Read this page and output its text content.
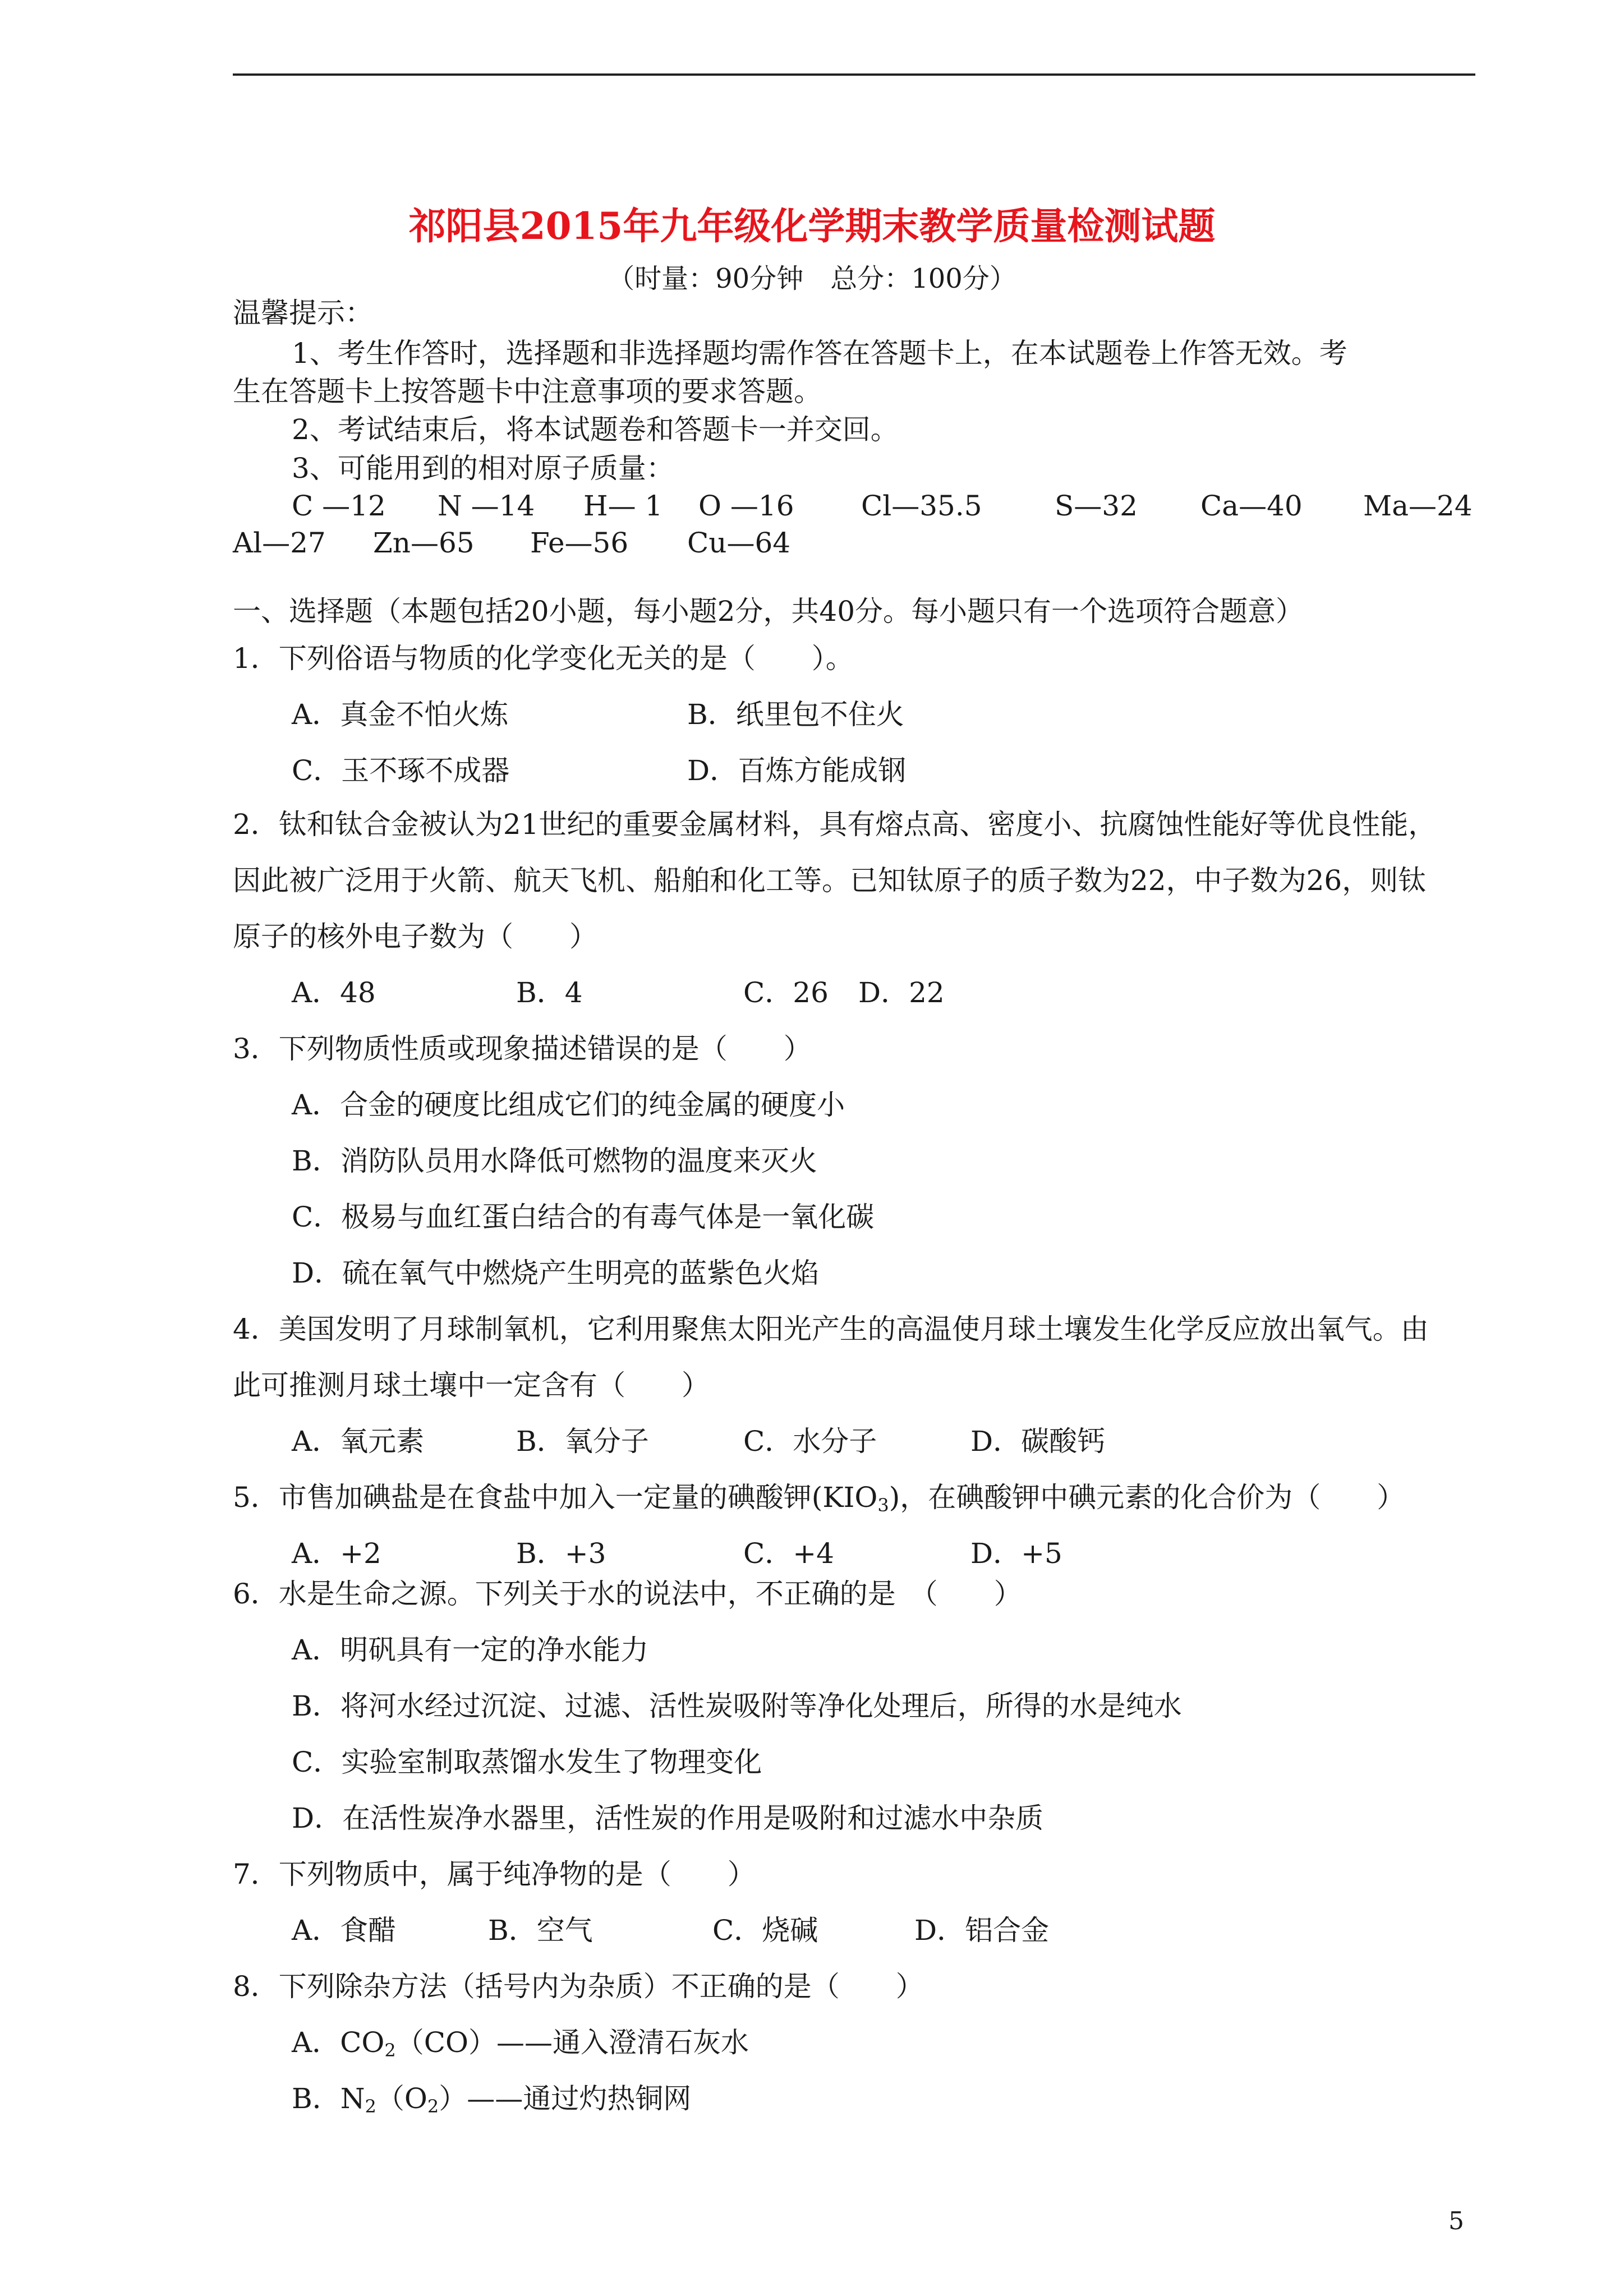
祁阳县2015年九年级化学期末教学质量检测试题
（时量：90分钟　总分：100分）
温馨提示：
1、考生作答时，选择题和非选择题均需作答在答题卡上，在本试题卷上作答无效。考
生在答题卡上按答题卡中注意事项的要求答题。
2、考试结束后，将本试题卷和答题卡一并交回。
3、可能用到的相对原子质量：
C —12 N —14 H— 1 O —16 Cl—35.5	S—32 Ca—40 Ma—24
Al—27 Zn—65 Fe—56 Cu—64
一、选择题（本题包括20小题，每小题2分，共40分。每小题只有一个选项符合题意）
1．下列俗语与物质的化学变化无关的是（　　）。
A．真金不怕火炼	B．纸里包不住火
C．玉不琢不成器	D．百炼方能成钢
2．钛和钛合金被认为21世纪的重要金属材料，具有熔点高、密度小、抗腐蚀性能好等优良性能，
因此被广泛用于火箭、航天飞机、船舶和化工等。已知钛原子的质子数为22，中子数为26，则钛
原子的核外电子数为（　　）
A．48	B．4	C．26 D．22
3．下列物质性质或现象描述错误的是（　　）
A．合金的硬度比组成它们的纯金属的硬度小
B．消防队员用水降低可燃物的温度来灭火
C．极易与血红蛋白结合的有毒气体是一氧化碳
D．硫在氧气中燃烧产生明亮的蓝紫色火焰
4．美国发明了月球制氧机，它利用聚焦太阳光产生的高温使月球土壤发生化学反应放出氧气。由
此可推测月球土壤中一定含有（　　）
A．氧元素	B．氧分子	C．水分子	D．碳酸钙
5．市售加碘盐是在食盐中加入一定量的碘酸钾$(KIO_3)$，在碘酸钾中碘元素的化合价为（　　）
A．+2	B．+3	C．+4	D．+5
6．水是生命之源。下列关于水的说法中，不正确的是　（　　）
A．明矾具有一定的净水能力
B．将河水经过沉淀、过滤、活性炭吸附等净化处理后，所得的水是纯水
C．实验室制取蒸馏水发生了物理变化
D．在活性炭净水器里，活性炭的作用是吸附和过滤水中杂质
7．下列物质中，属于纯净物的是（　　）
A．食醋	B．空气	C．烧碱	D．铝合金
8．下列除杂方法（括号内为杂质）不正确的是（　　）
A．$CO_2(CO)——$通入澄清石灰水
B．$N_2(O_2)——$通过灼热铜网
5
